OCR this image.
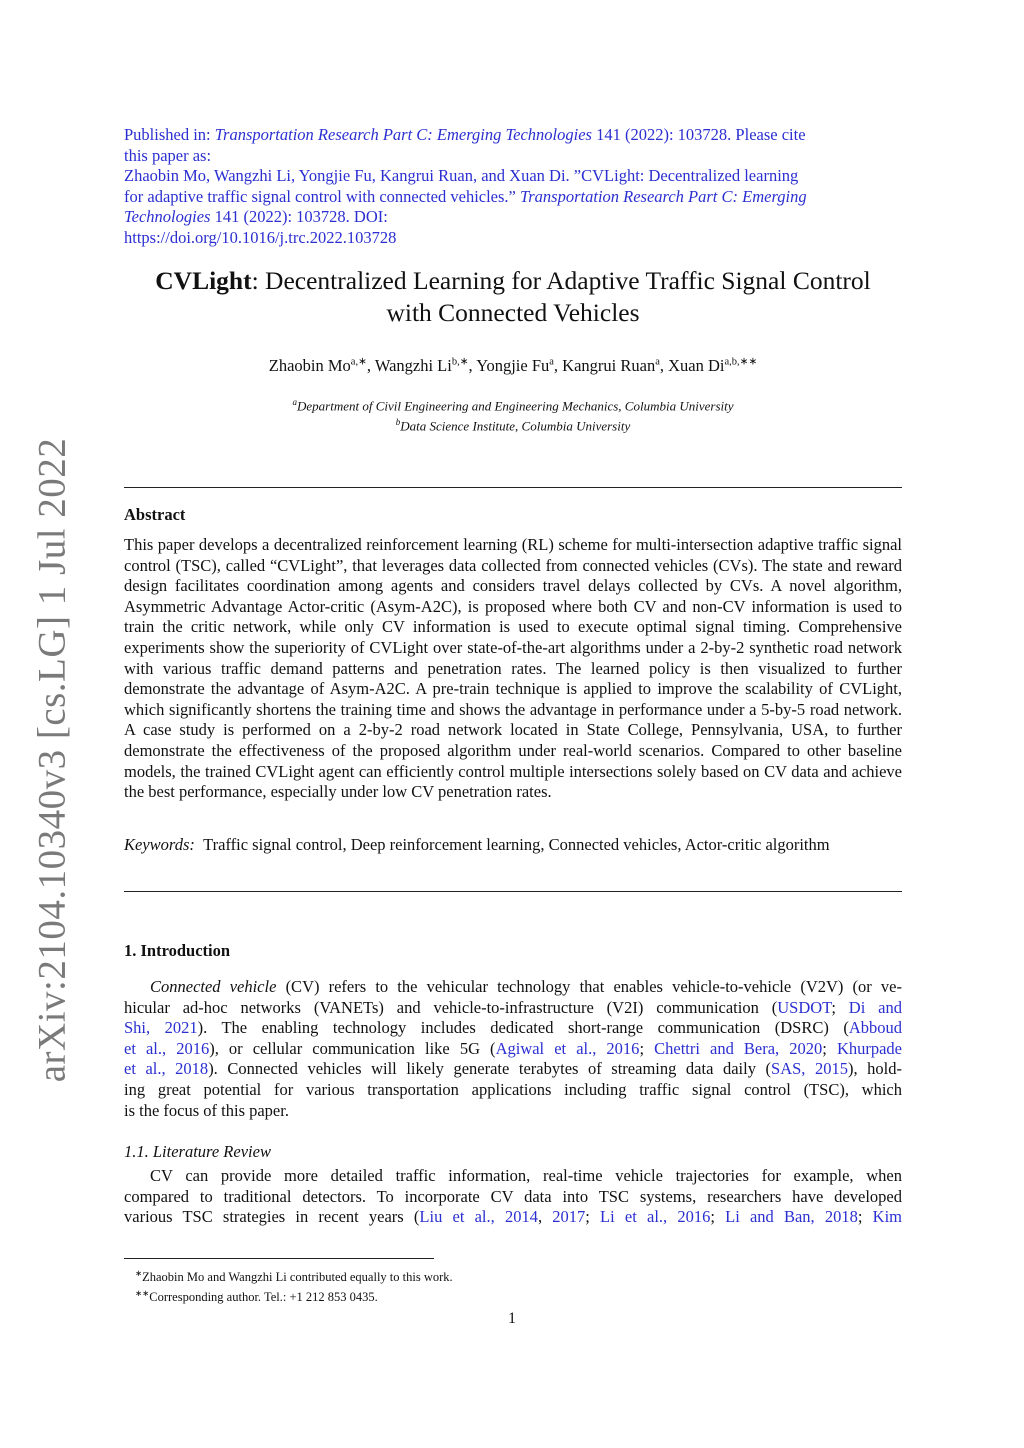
arXiv:2104.10340v3 [cs.LG] 1 Jul 2022
Published in: Transportation Research Part C: Emerging Technologies 141 (2022): 103728. Please cite
this paper as:
Zhaobin Mo, Wangzhi Li, Yongjie Fu, Kangrui Ruan, and Xuan Di. ”CVLight: Decentralized learning
for adaptive traffic signal control with connected vehicles.” Transportation Research Part C: Emerging
Technologies 141 (2022): 103728. DOI:
https://doi.org/10.1016/j.trc.2022.103728
CVLight: Decentralized Learning for Adaptive Traffic Signal Control
with Connected Vehicles
Zhaobin $Mo^{a,∗}$, Wangzhi $Li^{b,∗}$, Yongjie Fu$^a$, Kangrui Ruan$^a$, Xuan $Di^{a,b,∗∗}$
$^a$Department of Civil Engineering and Engineering Mechanics, Columbia University
$^b$Data Science Institute, Columbia University
Abstract
This paper develops a decentralized reinforcement learning (RL) scheme for multi-intersection adaptive traffic signal control (TSC), called “CVLight”, that leverages data collected from connected vehicles (CVs). The state and reward design facilitates coordination among agents and considers travel delays collected by CVs. A novel algorithm, Asymmetric Advantage Actor-critic (Asym-A2C), is proposed where both CV and non-CV information is used to train the critic network, while only CV information is used to execute optimal signal timing. Comprehensive experiments show the superiority of CVLight over state-of-the-art algorithms under a 2-by-2 synthetic road network with various traffic demand patterns and penetration rates. The learned policy is then visualized to further demonstrate the advantage of Asym-A2C. A pre-train technique is applied to improve the scalability of CVLight, which significantly shortens the training time and shows the advantage in performance under a 5-by-5 road network. A case study is performed on a 2-by-2 road network located in State College, Pennsylvania, USA, to further demonstrate the effectiveness of the proposed algorithm under real-world scenarios. Compared to other baseline models, the trained CVLight agent can efficiently control multiple intersections solely based on CV data and achieve the best performance, especially under low CV penetration rates.
Keywords: Traffic signal control, Deep reinforcement learning, Connected vehicles, Actor-critic algorithm
1. Introduction
Connected vehicle (CV) refers to the vehicular technology that enables vehicle-to-vehicle (V2V) (or ve-
hicular ad-hoc networks (VANETs) and vehicle-to-infrastructure (V2I) communication (USDOT; Di and
Shi, 2021). The enabling technology includes dedicated short-range communication (DSRC) (Abboud
et al., 2016), or cellular communication like 5G (Agiwal et al., 2016; Chettri and Bera, 2020; Khurpade
et al., 2018). Connected vehicles will likely generate terabytes of streaming data daily (SAS, 2015), hold-
ing great potential for various transportation applications including traffic signal control (TSC), which
is the focus of this paper.
1.1. Literature Review
CV can provide more detailed traffic information, real-time vehicle trajectories for example, when
compared to traditional detectors. To incorporate CV data into TSC systems, researchers have developed
various TSC strategies in recent years (Liu et al., 2014, 2017; Li et al., 2016; Li and Ban, 2018; Kim
∗Zhaobin Mo and Wangzhi Li contributed equally to this work.
∗∗Corresponding author. Tel.: +1 212 853 0435.
1
